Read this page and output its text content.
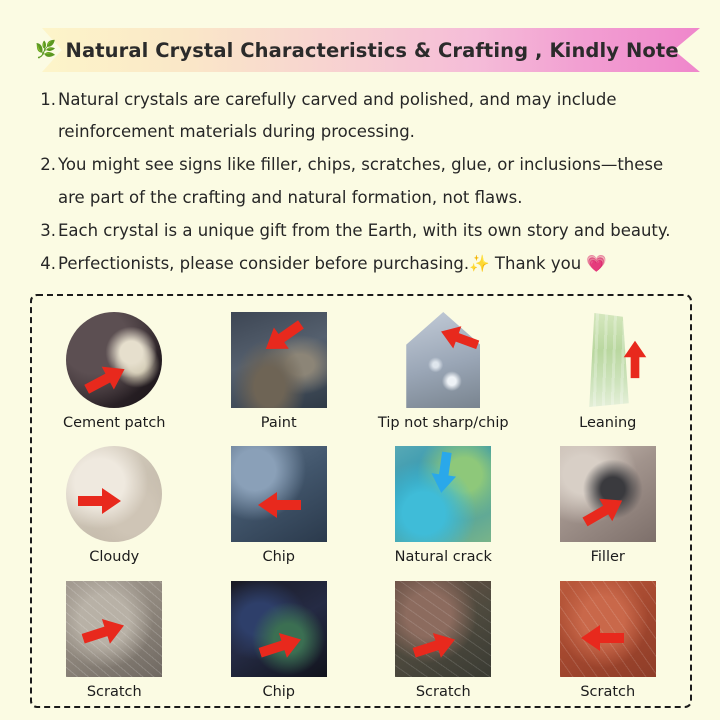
🌿 Natural Crystal Characteristics & Crafting , Kindly Note
1. Natural crystals are carefully carved and polished, and may include reinforcement materials during processing.
2. You might see signs like filler, chips, scratches, glue, or inclusions—these are part of the crafting and natural formation, not flaws.
3. Each crystal is a unique gift from the Earth, with its own story and beauty.
4. Perfectionists, please consider before purchasing.✨ Thank you 💗
Cement patch	Paint	Tip not sharp/chip	Leaning
Cloudy	Chip	Natural crack	Filler
Scratch	Chip	Scratch	Scratch
